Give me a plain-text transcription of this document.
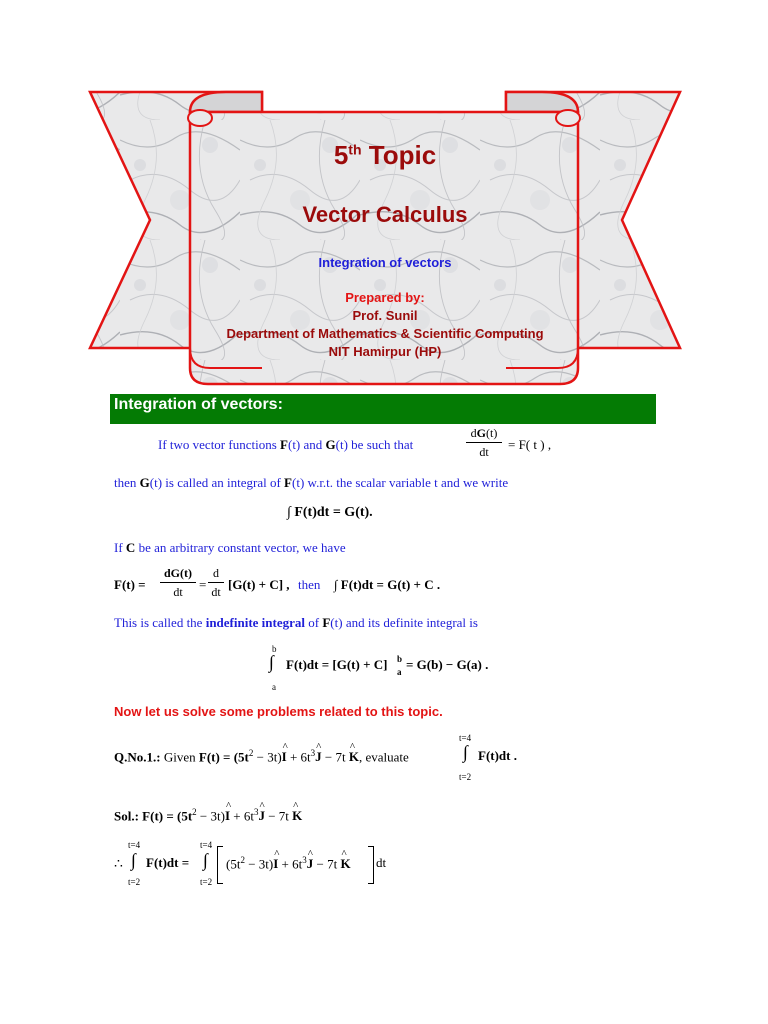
5th Topic
Vector Calculus
Integration of vectors
Prepared by:
Prof. Sunil
Department of Mathematics & Scientific Computing
NIT Hamirpur (HP)
Integration of vectors:
If two vector functions F(t) and G(t) be such that
dG(t)
dt	= F( t ) ,
then G(t) is called an integral of F(t) w.r.t. the scalar variable t and we write
∫ F(t)dt = G(t).
If C be an arbitrary constant vector, we have
F(t) =
dG(t)
dt	=
d
dt [G(t) + C] , then ∫ F(t)dt = G(t) + C .
This is called the indefinite integral of F(t) and its definite integral is
b
∫
a
F(t)dt = [G(t) + C] b
a = G(b) − G(a) .
Now let us solve some problems related to this topic.
Q.No.1.: Given $F(t) = (5t^2$ − 3t)^ $I + 6t^3\^{}$ J − 7t ^ K, evaluate
t=4
∫
t=2
F(t)dt .
Sol.: $F(t) = (5t^2$ − 3t)^ $I + 6t^3\^{}$ J − 7t ^ K
t=4
∴ ∫
t=2
F(t)dt =
t=4
∫
t=2
($5t^2$ − 3t)^ $I + 6t^3\^{}$ J − 7t ^ K dt
